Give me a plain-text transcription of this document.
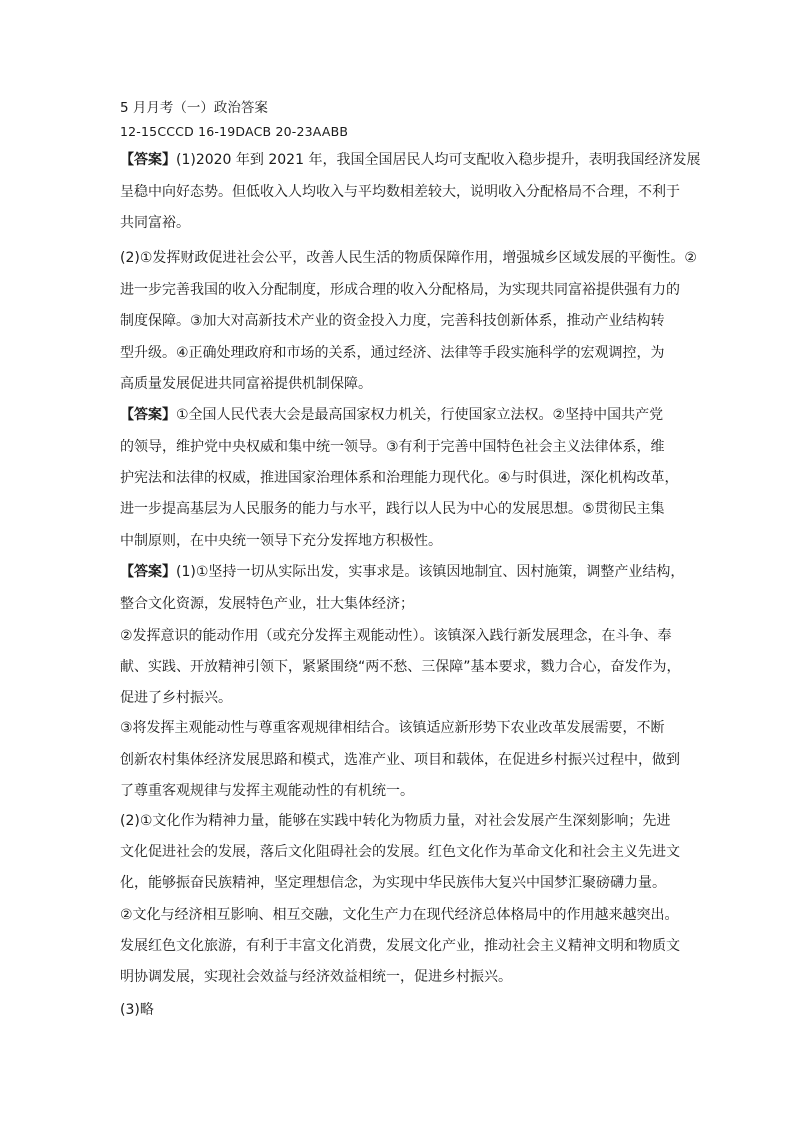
5 月月考（一）政治答案
12-15CCCD 16-19DACB 20-23AABB
【答案】(1)2020 年到 2021 年，我国全国居民人均可支配收入稳步提升，表明我国经济发展
呈稳中向好态势。但低收入人均收入与平均数相差较大，说明收入分配格局不合理，不利于
共同富裕。
(2)①发挥财政促进社会公平，改善人民生活的物质保障作用，增强城乡区域发展的平衡性。②
进一步完善我国的收入分配制度，形成合理的收入分配格局，为实现共同富裕提供强有力的
制度保障。③加大对高新技术产业的资金投入力度，完善科技创新体系，推动产业结构转
型升级。④正确处理政府和市场的关系，通过经济、法律等手段实施科学的宏观调控，为
高质量发展促进共同富裕提供机制保障。
【答案】①全国人民代表大会是最高国家权力机关，行使国家立法权。②坚持中国共产党
的领导，维护党中央权威和集中统一领导。③有利于完善中国特色社会主义法律体系，维
护宪法和法律的权威，推进国家治理体系和治理能力现代化。④与时俱进，深化机构改革，
进一步提高基层为人民服务的能力与水平，践行以人民为中心的发展思想。⑤贯彻民主集
中制原则，在中央统一领导下充分发挥地方积极性。
【答案】(1)①坚持一切从实际出发，实事求是。该镇因地制宜、因村施策，调整产业结构，
整合文化资源，发展特色产业，壮大集体经济；
②发挥意识的能动作用（或充分发挥主观能动性）。该镇深入践行新发展理念，在斗争、奉
献、实践、开放精神引领下，紧紧围绕“两不愁、三保障”基本要求，戮力合心，奋发作为，
促进了乡村振兴。
③将发挥主观能动性与尊重客观规律相结合。该镇适应新形势下农业改革发展需要，不断
创新农村集体经济发展思路和模式，选准产业、项目和载体，在促进乡村振兴过程中，做到
了尊重客观规律与发挥主观能动性的有机统一。
(2)①文化作为精神力量，能够在实践中转化为物质力量，对社会发展产生深刻影响；先进
文化促进社会的发展，落后文化阻碍社会的发展。红色文化作为革命文化和社会主义先进文
化，能够振奋民族精神，坚定理想信念，为实现中华民族伟大复兴中国梦汇聚磅礴力量。
②文化与经济相互影响、相互交融，文化生产力在现代经济总体格局中的作用越来越突出。
发展红色文化旅游，有利于丰富文化消费，发展文化产业，推动社会主义精神文明和物质文
明协调发展，实现社会效益与经济效益相统一，促进乡村振兴。
(3)略
